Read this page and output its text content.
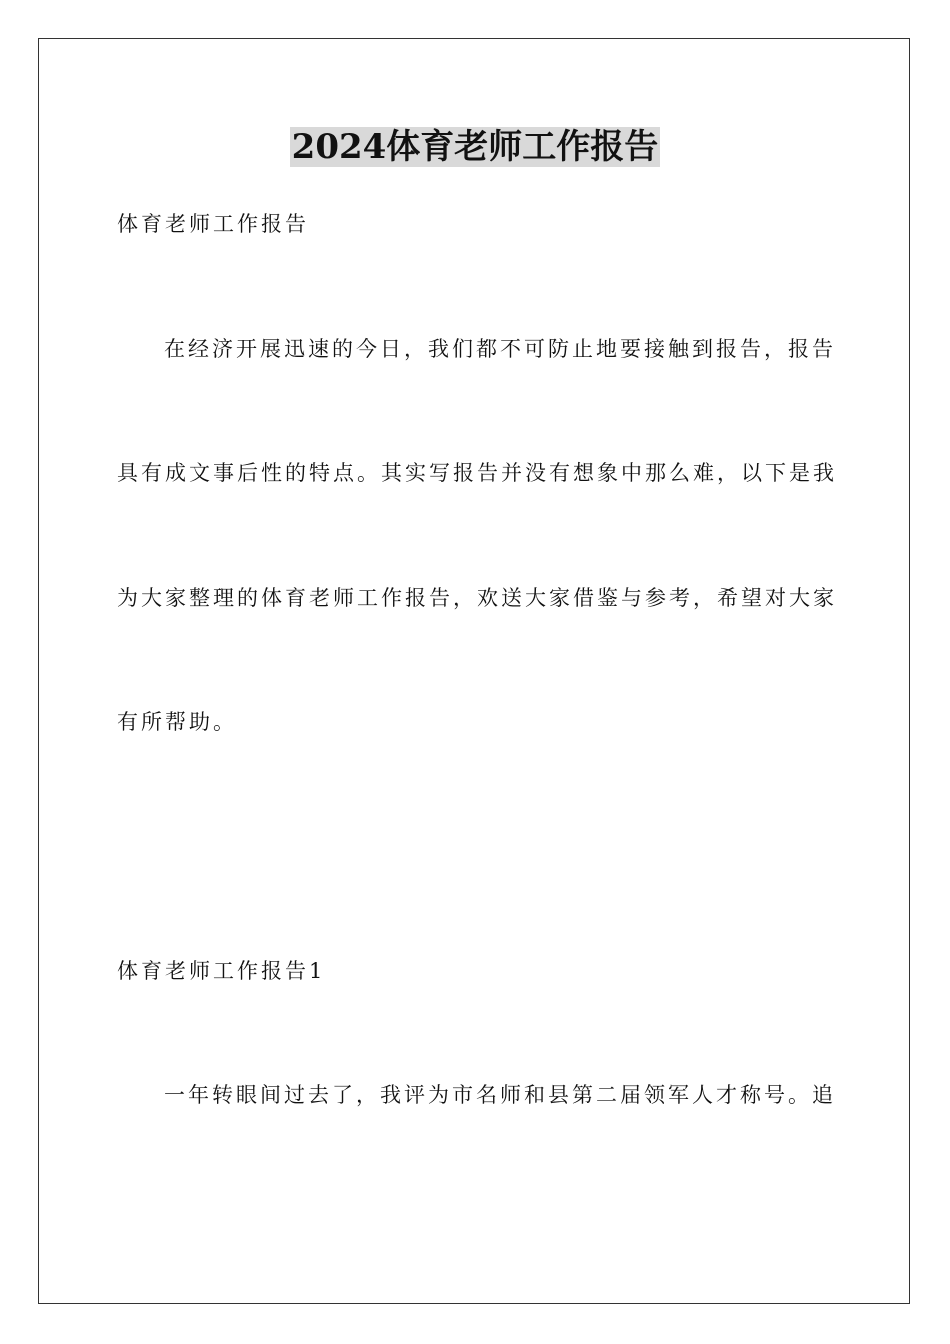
2024体育老师工作报告
体育老师工作报告
在经济开展迅速的今日，我们都不可防止地要接触到报告，报告
具有成文事后性的特点。其实写报告并没有想象中那么难，以下是我
为大家整理的体育老师工作报告，欢送大家借鉴与参考，希望对大家
有所帮助。
体育老师工作报告1
一年转眼间过去了，我评为市名师和县第二届领军人才称号。追
